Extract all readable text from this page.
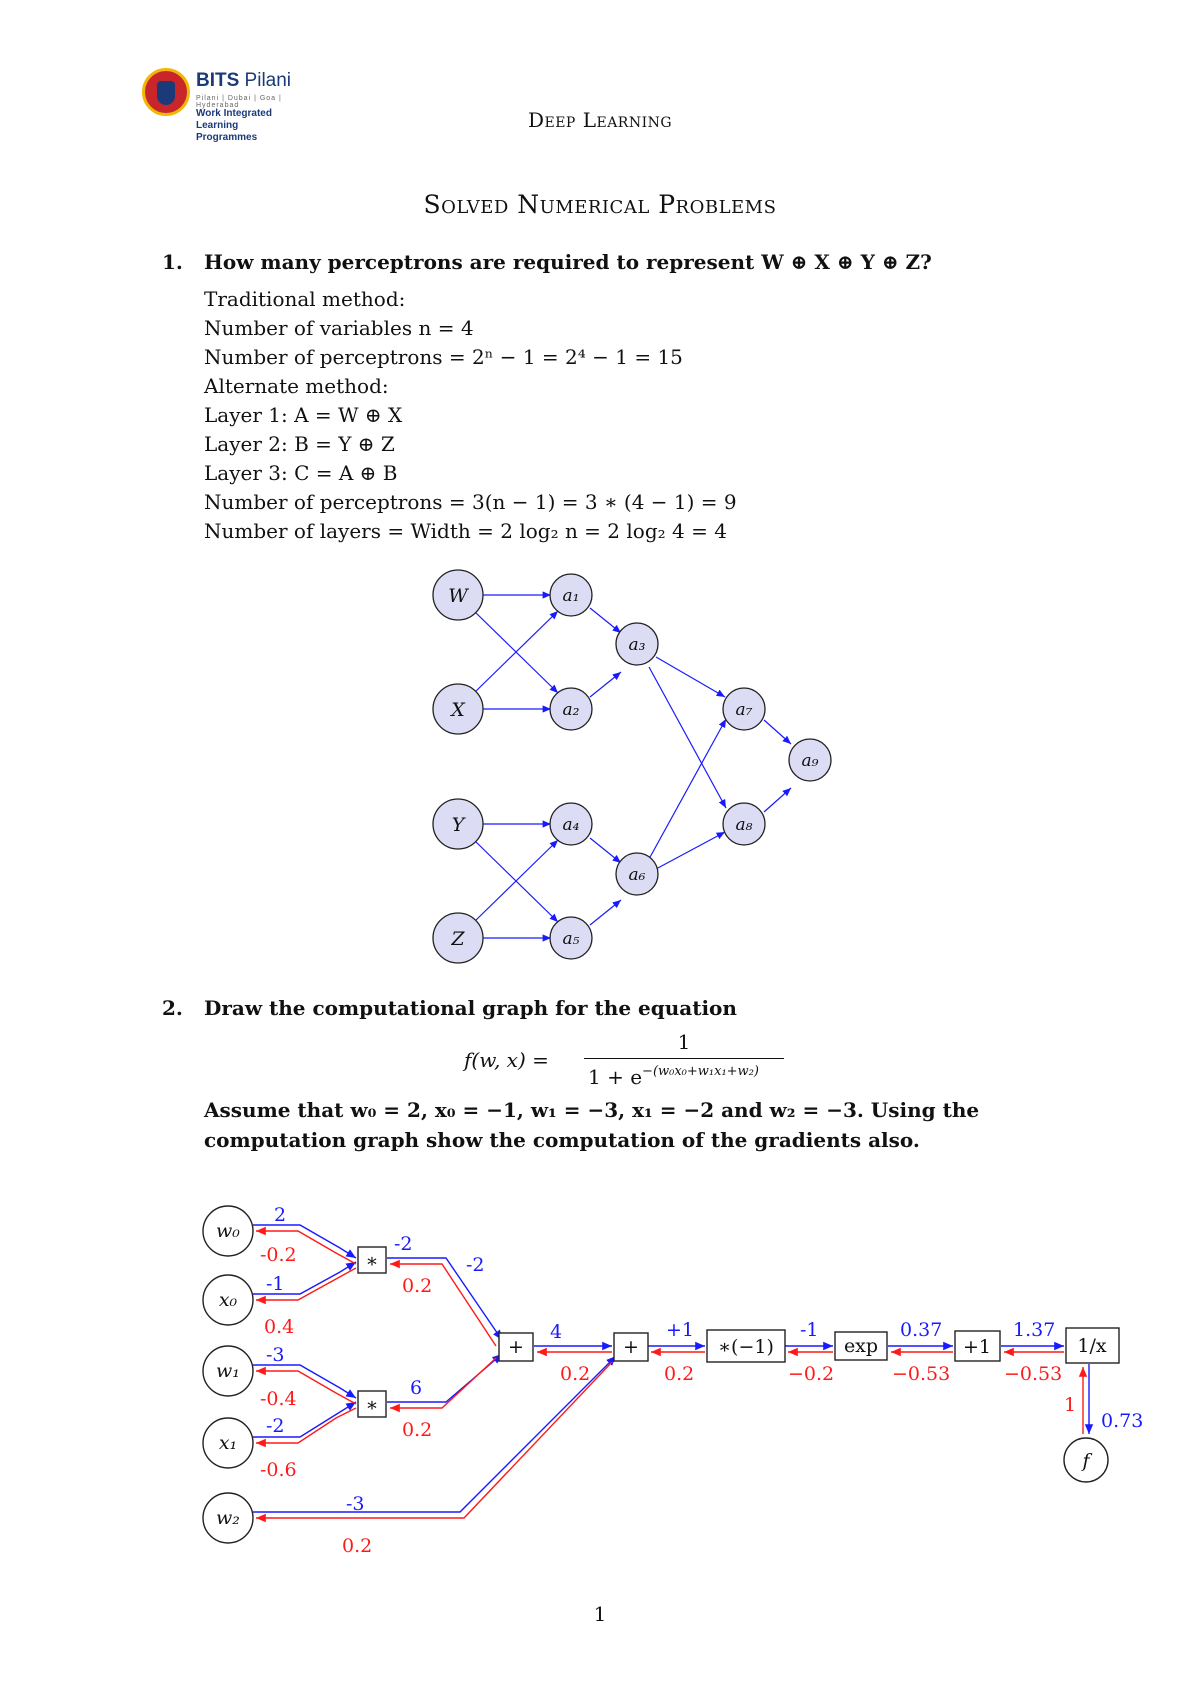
BITS Pilani
Pilani | Dubai | Goa | Hyderabad
Work Integrated Learning
Programmes
Deep Learning
Solved Numerical Problems
1. How many perceptrons are required to represent W ⊕ X ⊕ Y ⊕ Z?
Traditional method:
Number of variables n = 4
Number of perceptrons = 2ⁿ − 1 = 2⁴ − 1 = 15
Alternate method:
Layer 1: A = W ⊕ X
Layer 2: B = Y ⊕ Z
Layer 3: C = A ⊕ B
Number of perceptrons = 3(n − 1) = 3 ∗ (4 − 1) = 9
Number of layers = Width = 2 log₂ n = 2 log₂ 4 = 4
W
X
Y
Z
a₁
a₂
a₃
a₄
a₅
a₆
a₇
a₈
a₉
w₀
x₀
w₁
x₁
w₂
f
∗
∗
+	+	∗(−1)	exp	+1	1/x
2
-1
-3
-2
-3
-2
-2
6
4	+1	-1	0.37	1.37
0.73
-0.2
0.4
-0.4
-0.6
0.2
0.2
0.2
0.2	0.2	−0.2	−0.53	−0.53
1
2. Draw the computational graph for the equation
f(w, x) =
1
$1 + e^{-(w_0x_0+w_1x_1+w_2)}$
Assume that w₀ = 2, x₀ = −1, w₁ = −3, x₁ = −2 and w₂ = −3. Using the
computation graph show the computation of the gradients also.
1
